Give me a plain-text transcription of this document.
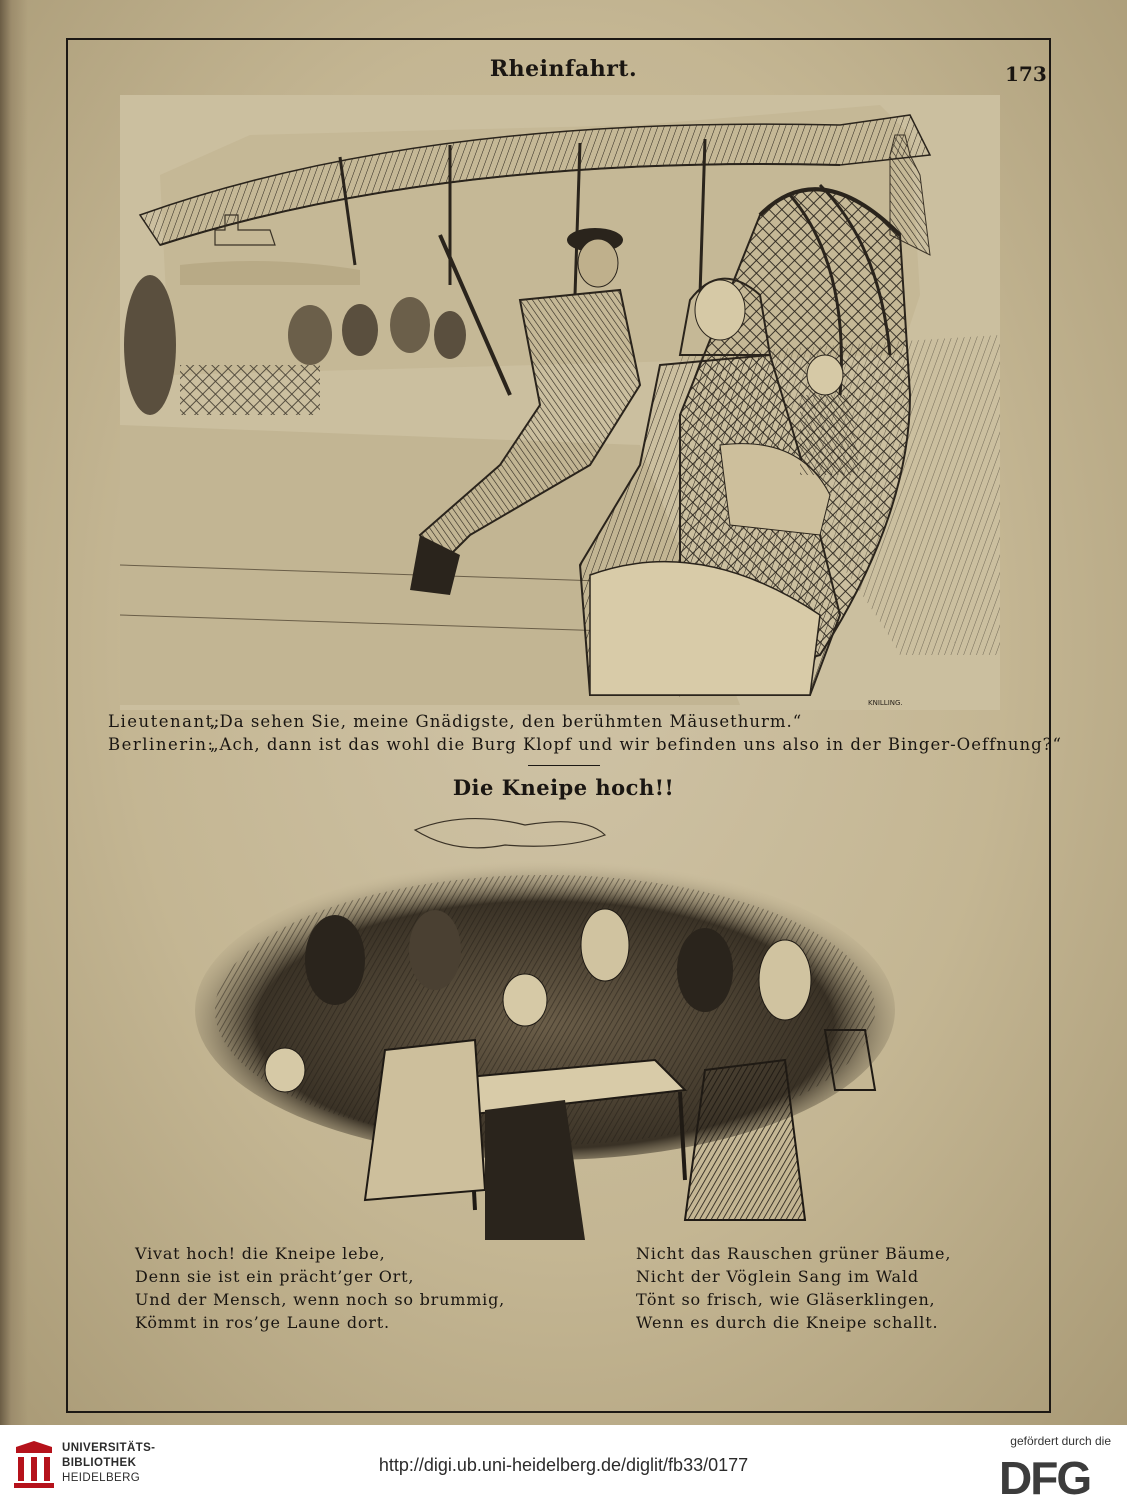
Rheinfahrt.	173
KNILLING.
Lieutenant:
„Da sehen Sie, meine Gnädigste, den berühmten Mäusethurm.“
Berlinerin:
„Ach, dann ist das wohl die Burg Klopf und wir befinden uns also in der Binger-Oeffnung?“
Die Kneipe hoch!!
Vivat hoch! die Kneipe lebe,
Denn sie ist ein prächt’ger Ort,
Und der Mensch, wenn noch so brummig,
Kömmt in ros’ge Laune dort.
Nicht das Rauschen grüner Bäume,
Nicht der Vöglein Sang im Wald
Tönt so frisch, wie Gläserklingen,
Wenn es durch die Kneipe schallt.
UNIVERSITÄTS-
BIBLIOTHEK
HEIDELBERG
http://digi.ub.uni-heidelberg.de/diglit/fb33/0177
gefördert durch die
DFG
